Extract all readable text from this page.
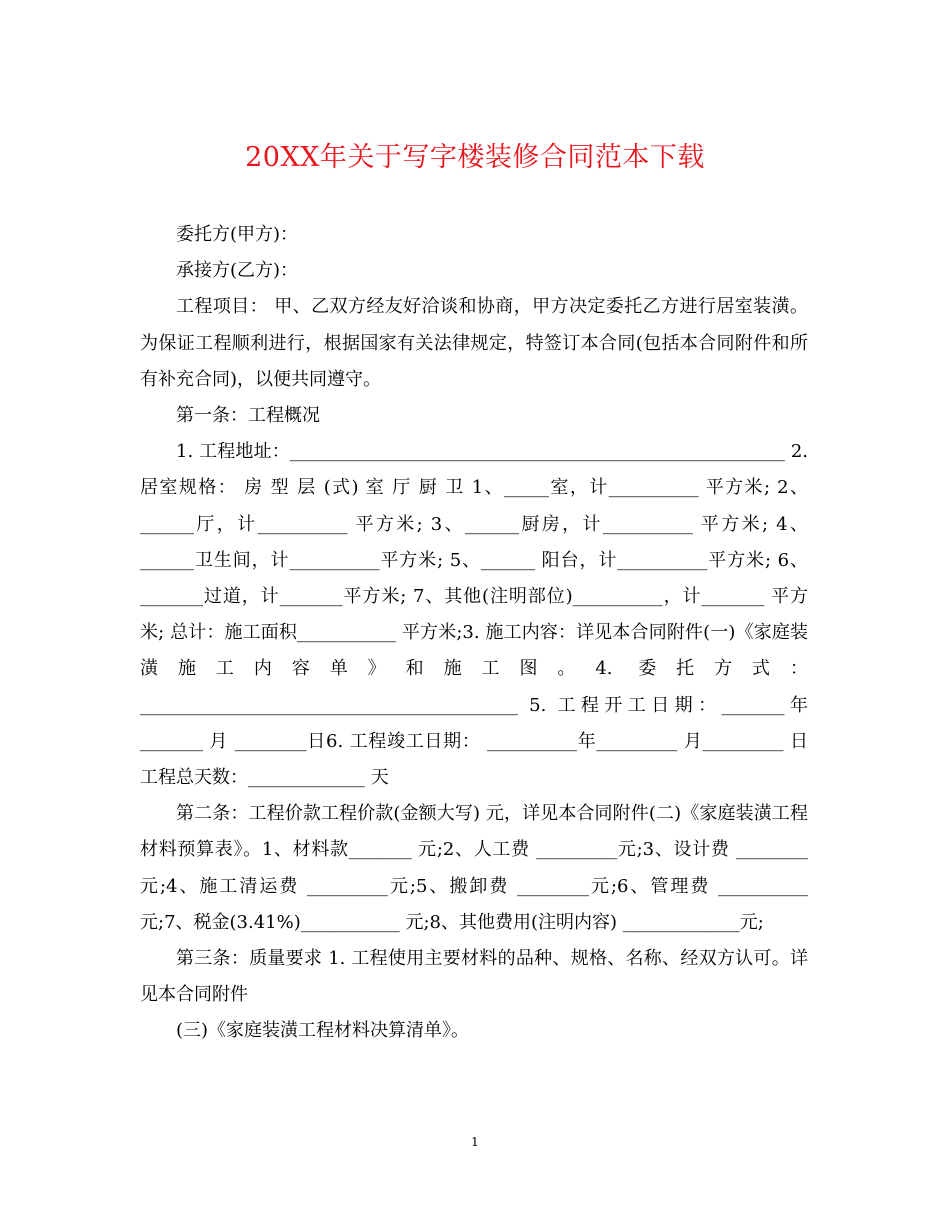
20XX年关于写字楼装修合同范本下载

委托方(甲方)：

承接方(乙方)：

工程项目： 甲、乙双方经友好洽谈和协商，甲方决定委托乙方进行居室装潢。为保证工程顺利进行，根据国家有关法律规定，特签订本合同(包括本合同附件和所有补充合同)，以便共同遵守。

第一条：工程概况

1. 工程地址：_______________________________________________________ 2. 居室规格： 房 型 层 (式) 室 厅 厨 卫 1、_____室，计__________ 平方米; 2、______厅，计__________ 平方米; 3、______厨房，计__________ 平方米; 4、______卫生间，计__________平方米; 5、______ 阳台，计__________平方米; 6、_______过道，计_______平方米; 7、其他(注明部位)__________，计_______ 平方米; 总计：施工面积___________ 平方米;3. 施工内容：详见本合同附件(一)《家庭装潢施工内容单》和施工图。4. 委托方式：__________________________________________ 5. 工程开工日期：_______年 _______ 月 ________日6. 工程竣工日期： __________年_________ 月_________ 日工程总天数：_____________ 天

第二条：工程价款工程价款(金额大写) 元，详见本合同附件(二)《家庭装潢工程材料预算表》。1、材料款_______ 元;2、人工费 _________元;3、设计费 ________元;4、施工清运费 _________元;5、搬卸费 ________元;6、管理费 __________元;7、税金(3.41%)___________ 元;8、其他费用(注明内容) _____________元;

第三条：质量要求 1. 工程使用主要材料的品种、规格、名称、经双方认可。详见本合同附件

(三)《家庭装潢工程材料决算清单》。

1
